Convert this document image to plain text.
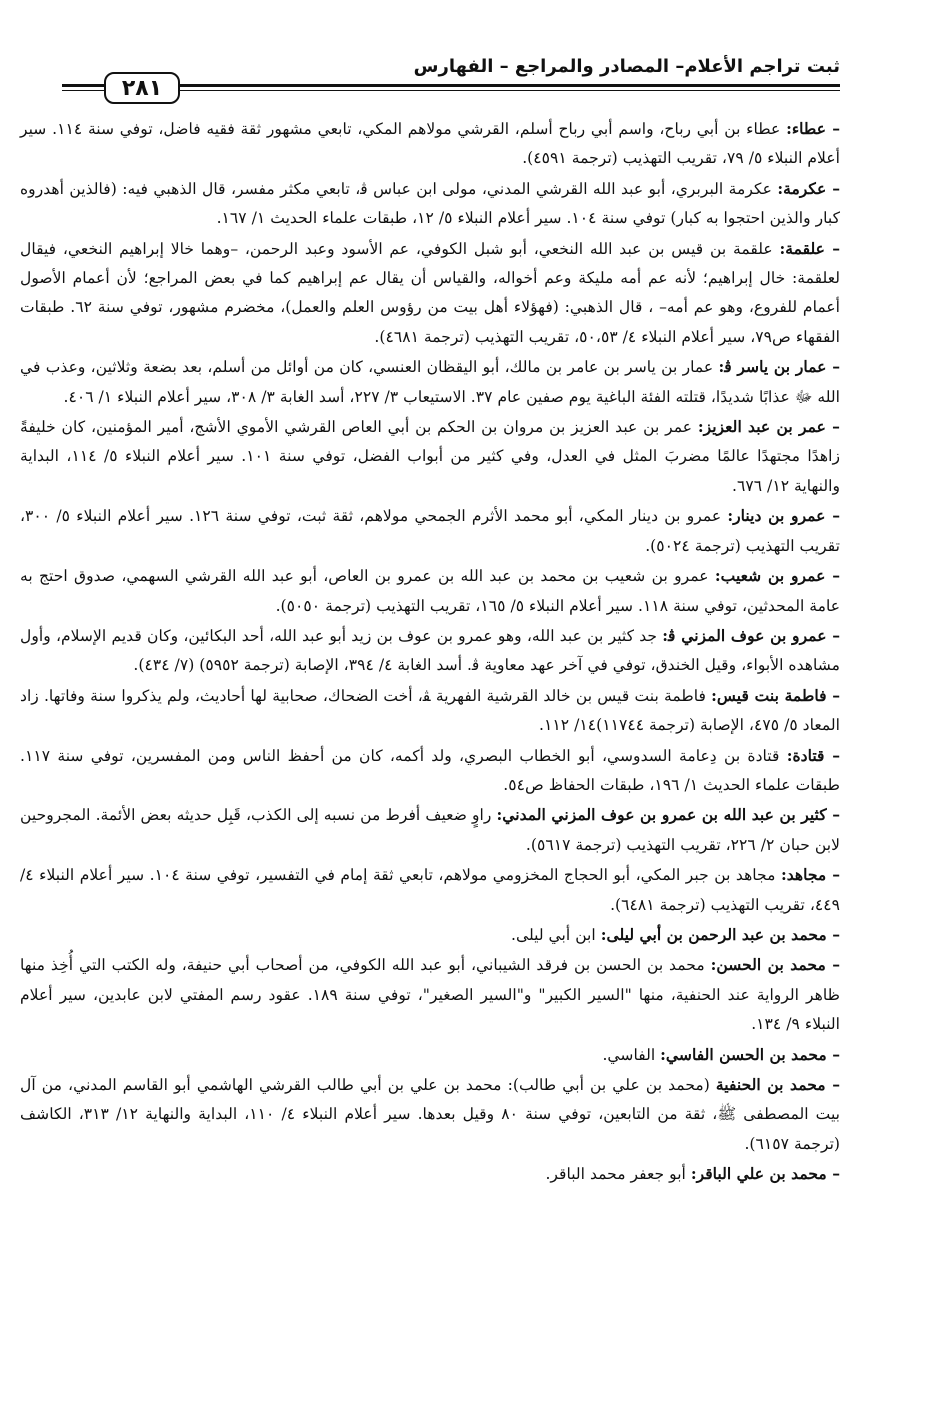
ثبت تراجم الأعلام– المصادر والمراجع – الفهارس
٢٨١

– عطاء: عطاء بن أبي رباح، واسم أبي رباح أسلم، القرشي مولاهم المكي، تابعي مشهور ثقة فقيه فاضل، توفي سنة ١١٤. سير أعلام النبلاء ٥/ ٧٩، تقريب التهذيب (ترجمة ٤٥٩١).

– عكرمة: عكرمة البربري، أبو عبد الله القرشي المدني، مولى ابن عباس ﭬ، تابعي مكثر مفسر، قال الذهبي فيه: (فالذين أهدروه كبار والذين احتجوا به كبار) توفي سنة ١٠٤. سير أعلام النبلاء ٥/ ١٢، طبقات علماء الحديث ١/ ١٦٧.

– علقمة: علقمة بن قيس بن عبد الله النخعي، أبو شبل الكوفي، عم الأسود وعبد الرحمن، –وهما خالا إبراهيم النخعي، فيقال لعلقمة: خال إبراهيم؛ لأنه عم أمه مليكة وعم أخواله، والقياس أن يقال عم إبراهيم كما في بعض المراجع؛ لأن أعمام الأصول أعمام للفروع، وهو عم أمه– ، قال الذهبي: (فهؤلاء أهل بيت من رؤوس العلم والعمل)، مخضرم مشهور، توفي سنة ٦٢. طبقات الفقهاء ص٧٩، سير أعلام النبلاء ٤/ ٥٠،٥٣، تقريب التهذيب (ترجمة ٤٦٨١).

– عمار بن ياسر ﭬ: عمار بن ياسر بن عامر بن مالك، أبو اليقظان العنسي، كان من أوائل من أسلم، بعد بضعة وثلاثين، وعذب في الله ﷻ عذابًا شديدًا، قتلته الفئة الباغية يوم صفين عام ٣٧. الاستيعاب ٣/ ٢٢٧، أسد الغابة ٣/ ٣٠٨، سير أعلام النبلاء ١/ ٤٠٦.

– عمر بن عبد العزيز: عمر بن عبد العزيز بن مروان بن الحكم بن أبي العاص القرشي الأموي الأشج، أمير المؤمنين، كان خليفةً زاهدًا مجتهدًا عالمًا مضربَ المثل في العدل، وفي كثير من أبواب الفضل، توفي سنة ١٠١. سير أعلام النبلاء ٥/ ١١٤، البداية والنهاية ١٢/ ٦٧٦.

– عمرو بن دينار: عمرو بن دينار المكي، أبو محمد الأثرم الجمحي مولاهم، ثقة ثبت، توفي سنة ١٢٦. سير أعلام النبلاء ٥/ ٣٠٠، تقريب التهذيب (ترجمة ٥٠٢٤).

– عمرو بن شعيب: عمرو بن شعيب بن محمد بن عبد الله بن عمرو بن العاص، أبو عبد الله القرشي السهمي، صدوق احتج به عامة المحدثين، توفي سنة ١١٨. سير أعلام النبلاء ٥/ ١٦٥، تقريب التهذيب (ترجمة ٥٠٥٠).

– عمرو بن عوف المزني ﭬ: جد كثير بن عبد الله، وهو عمرو بن عوف بن زيد أبو عبد الله، أحد البكائين، وكان قديم الإسلام، وأول مشاهده الأبواء، وقيل الخندق، توفي في آخر عهد معاوية ﭬ. أسد الغابة ٤/ ٣٩٤، الإصابة (ترجمة ٥٩٥٢) (٧/ ٤٣٤).

– فاطمة بنت قيس: فاطمة بنت قيس بن خالد القرشية الفهرية ﭭ، أخت الضحاك، صحابية لها أحاديث، ولم يذكروا سنة وفاتها. زاد المعاد ٥/ ٤٧٥، الإصابة (ترجمة ١١٧٤٤)١٤/ ١١٢.

– قتادة: قتادة بن دِعامة السدوسي، أبو الخطاب البصري، ولد أكمه، كان من أحفظ الناس ومن المفسرين، توفي سنة ١١٧. طبقات علماء الحديث ١/ ١٩٦، طبقات الحفاظ ص٥٤.

– كثير بن عبد الله بن عمرو بن عوف المزني المدني: راوٍ ضعيف أفرط من نسبه إلى الكذب، قَبِل حديثه بعض الأئمة. المجروحين لابن حبان ٢/ ٢٢٦، تقريب التهذيب (ترجمة ٥٦١٧).

– مجاهد: مجاهد بن جبر المكي، أبو الحجاج المخزومي مولاهم، تابعي ثقة إمام في التفسير، توفي سنة ١٠٤. سير أعلام النبلاء ٤/ ٤٤٩، تقريب التهذيب (ترجمة ٦٤٨١).

– محمد بن عبد الرحمن بن أبي ليلى: ابن أبي ليلى.

– محمد بن الحسن: محمد بن الحسن بن فرقد الشيباني، أبو عبد الله الكوفي، من أصحاب أبي حنيفة، وله الكتب التي أُخِذ منها ظاهر الرواية عند الحنفية، منها "السير الكبير" و"السير الصغير"، توفي سنة ١٨٩. عقود رسم المفتي لابن عابدين، سير أعلام النبلاء ٩/ ١٣٤.

– محمد بن الحسن الفاسي: الفاسي.

– محمد بن الحنفية (محمد بن علي بن أبي طالب): محمد بن علي بن أبي طالب القرشي الهاشمي أبو القاسم المدني، من آل بيت المصطفى ﷺ، ثقة من التابعين، توفي سنة ٨٠ وقيل بعدها. سير أعلام النبلاء ٤/ ١١٠، البداية والنهاية ١٢/ ٣١٣، الكاشف (ترجمة ٦١٥٧).

– محمد بن علي الباقر: أبو جعفر محمد الباقر.
